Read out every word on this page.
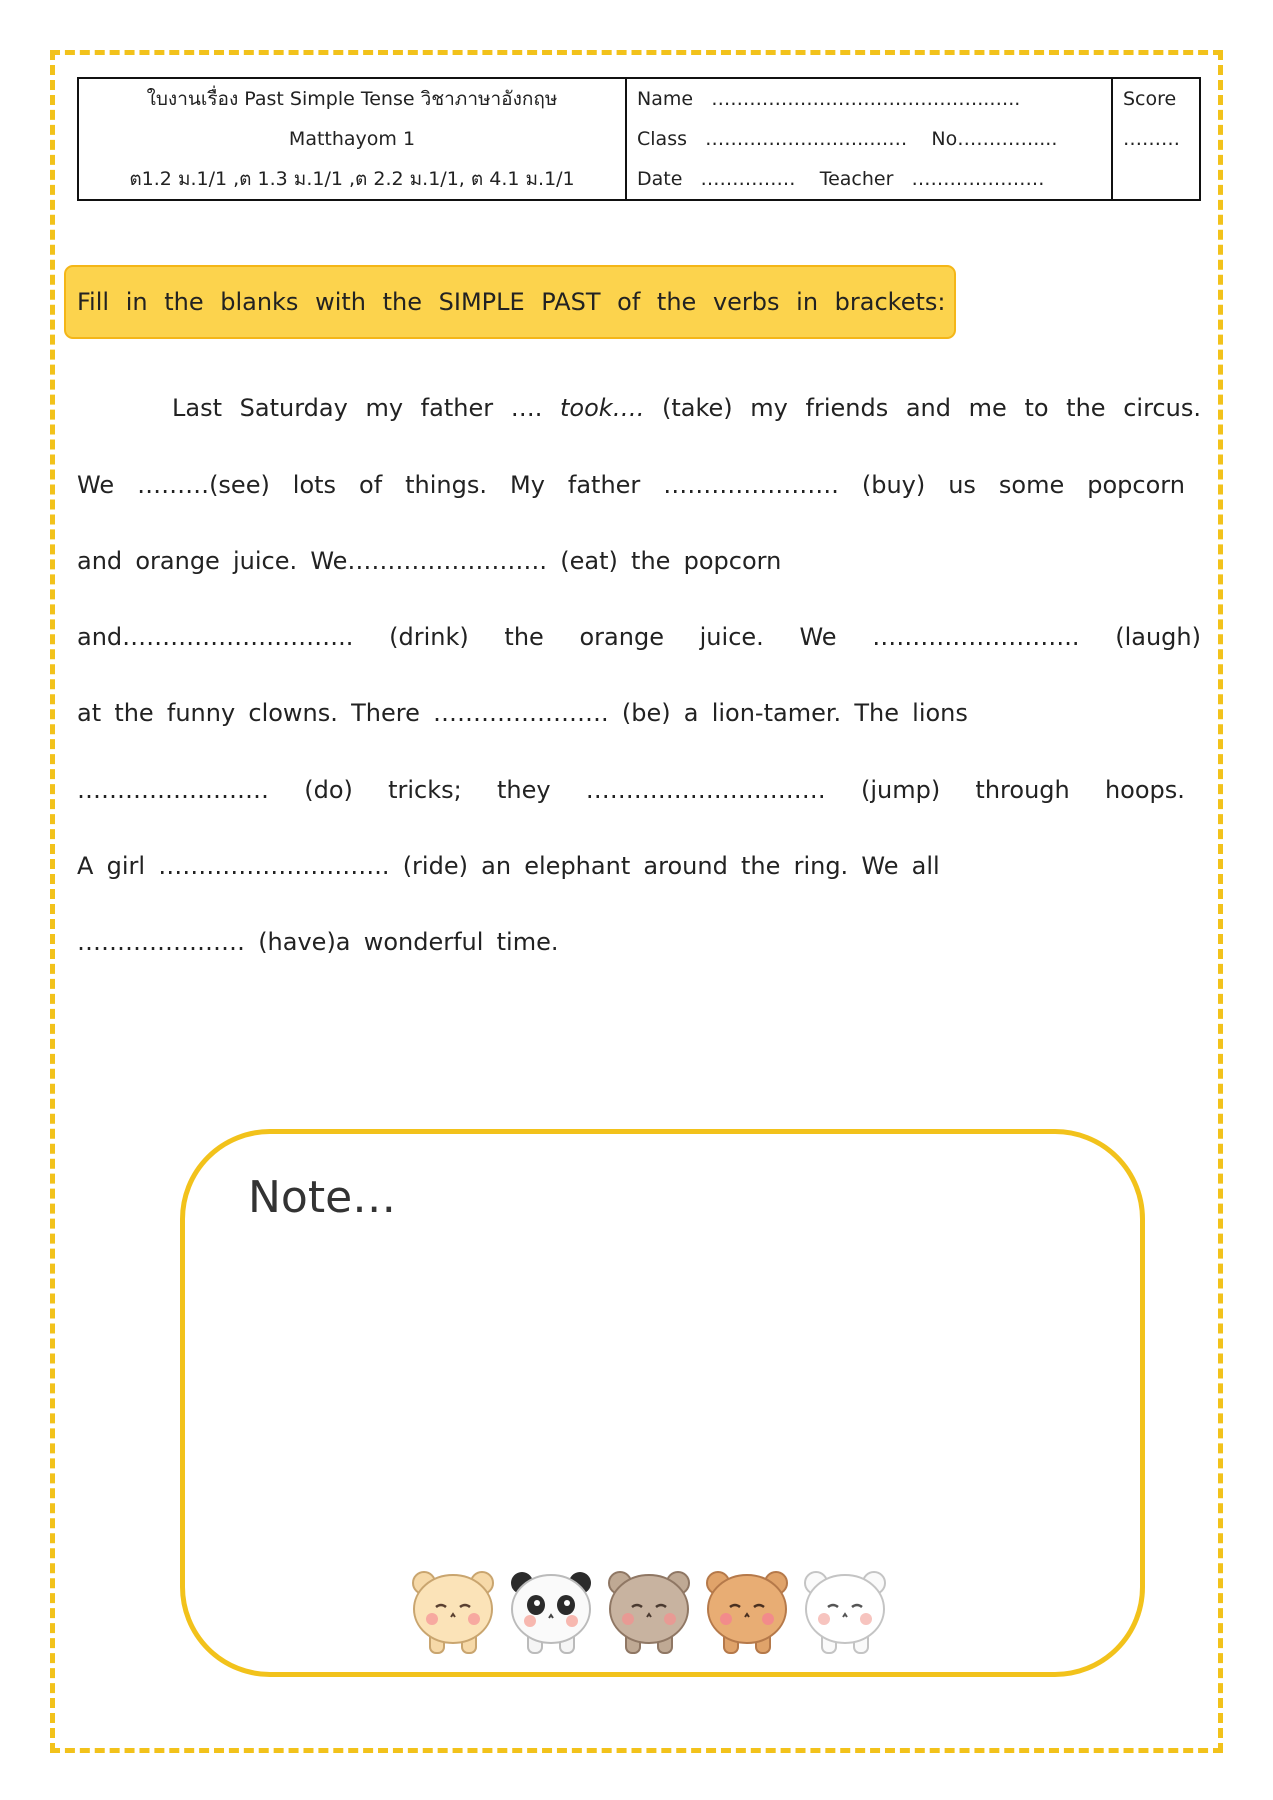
ใบงานเรื่อง Past Simple Tense วิชาภาษาอังกฤษ
Matthayom 1
ต1.2 ม.1/1 ,ต 1.3 ม.1/1 ,ต 2.2 ม.1/1, ต 4.1 ม.1/1

Name ……………………………………..…..
Class ……………………..…… No…………....
Date …………… Teacher …………………

Score
………
Fill in the blanks with the SIMPLE PAST of the verbs in brackets:
Last Saturday my father …. took…. (take) my friends and me to the circus.
We ………(see) lots of things. My father …………………. (buy) us some popcorn
and orange juice. We……………………. (eat) the popcorn
and……………………….. (drink) the orange juice. We …………………….. (laugh)
at the funny clowns. There …………………. (be) a lion-tamer. The lions
…………………… (do) tricks; they ………………………… (jump) through hoops.
A girl ……………………….. (ride) an elephant around the ring. We all
………………… (have)a wonderful time.
Note…
